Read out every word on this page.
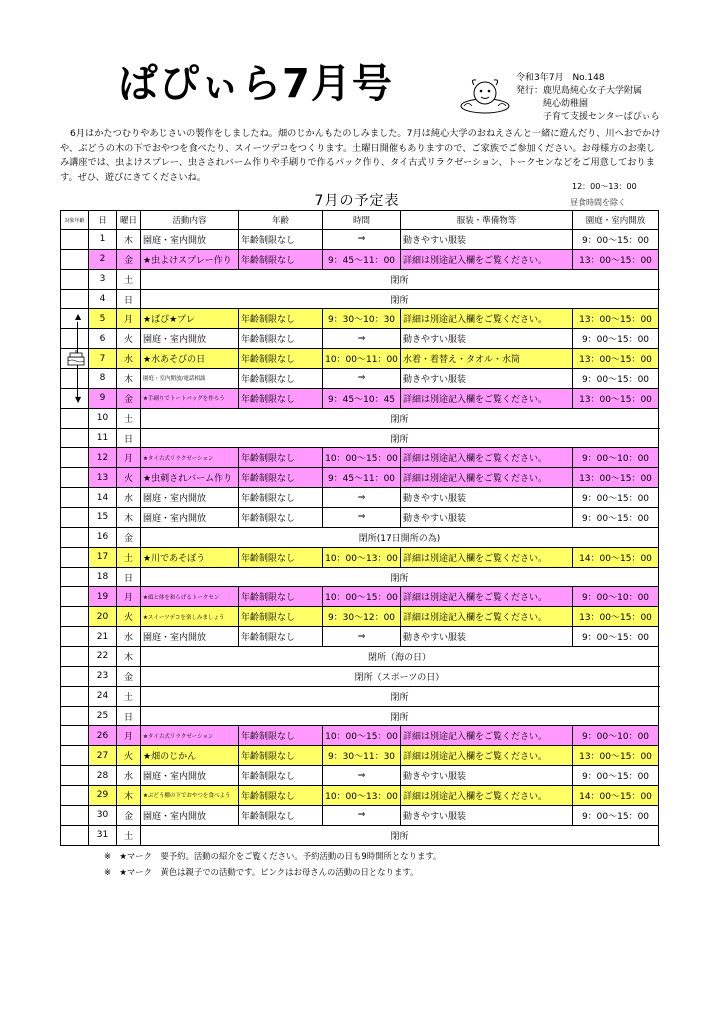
ぱぴぃら7月号	令和3年7月　No.148
発行：鹿児島純心女子大学附属
純心幼稚園
子育て支援センターぱぴぃら
6月はかたつむりやあじさいの製作をしましたね。畑のじかんもたのしみました。7月は純心大学のおねえさんと一緒に遊んだり、川へおでかけや、ぶどうの木の下でおやつを食べたり、スイーツデコをつくります。土曜日開催もありますので、ご家族でご参加ください。お母様方のお楽しみ講座では、虫よけスプレー、虫さされバーム作りや手刷りで作るパック作り、タイ古式リラクゼーション、トークセンなどをご用意しております。ぜひ、遊びにきてくださいね。
12：00～13：00
7月の予定表	昼食時間を除く
対象年齢	日	曜日	活動内容	年齢	時間	服装・準備物等	園庭・室内開放
	1	木	園庭・室内開放	年齢制限なし	⇒	動きやすい服装	9：00～15：00
	2	金	★虫よけスプレー作り	年齢制限なし	9：45～11：00	詳細は別途記入欄をご覧ください。	13：00～15：00
	3	土	閉所				
	4	日	閉所				
	5	月	★ぱぴ★プレ	年齢制限なし	9：30～10：30	詳細は別途記入欄をご覧ください。	13：00～15：00
	6	火	園庭・室内開放	年齢制限なし	⇒	動きやすい服装	9：00～15：00
	7	水	★水あそびの日	年齢制限なし	10：00～11：00	水着・着替え・タオル・水筒	13：00～15：00
	8	木	園庭・室内開放/電話相談	年齢制限なし	⇒	動きやすい服装	9：00～15：00
	9	金	★手刷りでトートバッグを作ろう	年齢制限なし	9：45～10：45	詳細は別途記入欄をご覧ください。	13：00～15：00
	10	土	閉所				
	11	日	閉所				
	12	月	★タイ古式リラクゼーション	年齢制限なし	10：00～15：00	詳細は別途記入欄をご覧ください。	9：00～10：00
	13	火	★虫刺されバーム作り	年齢制限なし	9：45～11：00	詳細は別途記入欄をご覧ください。	13：00～15：00
	14	水	園庭・室内開放	年齢制限なし	⇒	動きやすい服装	9：00～15：00
	15	木	園庭・室内開放	年齢制限なし	⇒	動きやすい服装	9：00～15：00
	16	金	閉所(17日開所の為)				
	17	土	★川であそぼう	年齢制限なし	10：00～13：00	詳細は別途記入欄をご覧ください。	14：00～15：00
	18	日	閉所				
	19	月	★頭と体を和らげるトークセン	年齢制限なし	10：00～15：00	詳細は別途記入欄をご覧ください。	9：00～10：00
	20	火	★スイーツデコを楽しみましょう	年齢制限なし	9：30～12：00	詳細は別途記入欄をご覧ください。	13：00～15：00
	21	水	園庭・室内開放	年齢制限なし	⇒	動きやすい服装	9：00～15：00
	22	木	閉所（海の日）				
	23	金	閉所（スポーツの日）				
	24	土	閉所				
	25	日	閉所				
	26	月	★タイ古式リラクゼーション	年齢制限なし	10：00～15：00	詳細は別途記入欄をご覧ください。	9：00～10：00
	27	火	★畑のじかん	年齢制限なし	9：30～11：30	詳細は別途記入欄をご覧ください。	13：00～15：00
	28	水	園庭・室内開放	年齢制限なし	⇒	動きやすい服装	9：00～15：00
	29	木	★ぶどう棚の下でおやつを食べよう	年齢制限なし	10：00～13：00	詳細は別途記入欄をご覧ください。	14：00～15：00
	30	金	園庭・室内開放	年齢制限なし	⇒	動きやすい服装	9：00～15：00
	31	土	閉所				
▲
▼
※　★マーク　要予約。活動の紹介をご覧ください。予約活動の日も9時開所となります。
※　★マーク　黄色は親子での活動です。ピンクはお母さんの活動の日となります。
